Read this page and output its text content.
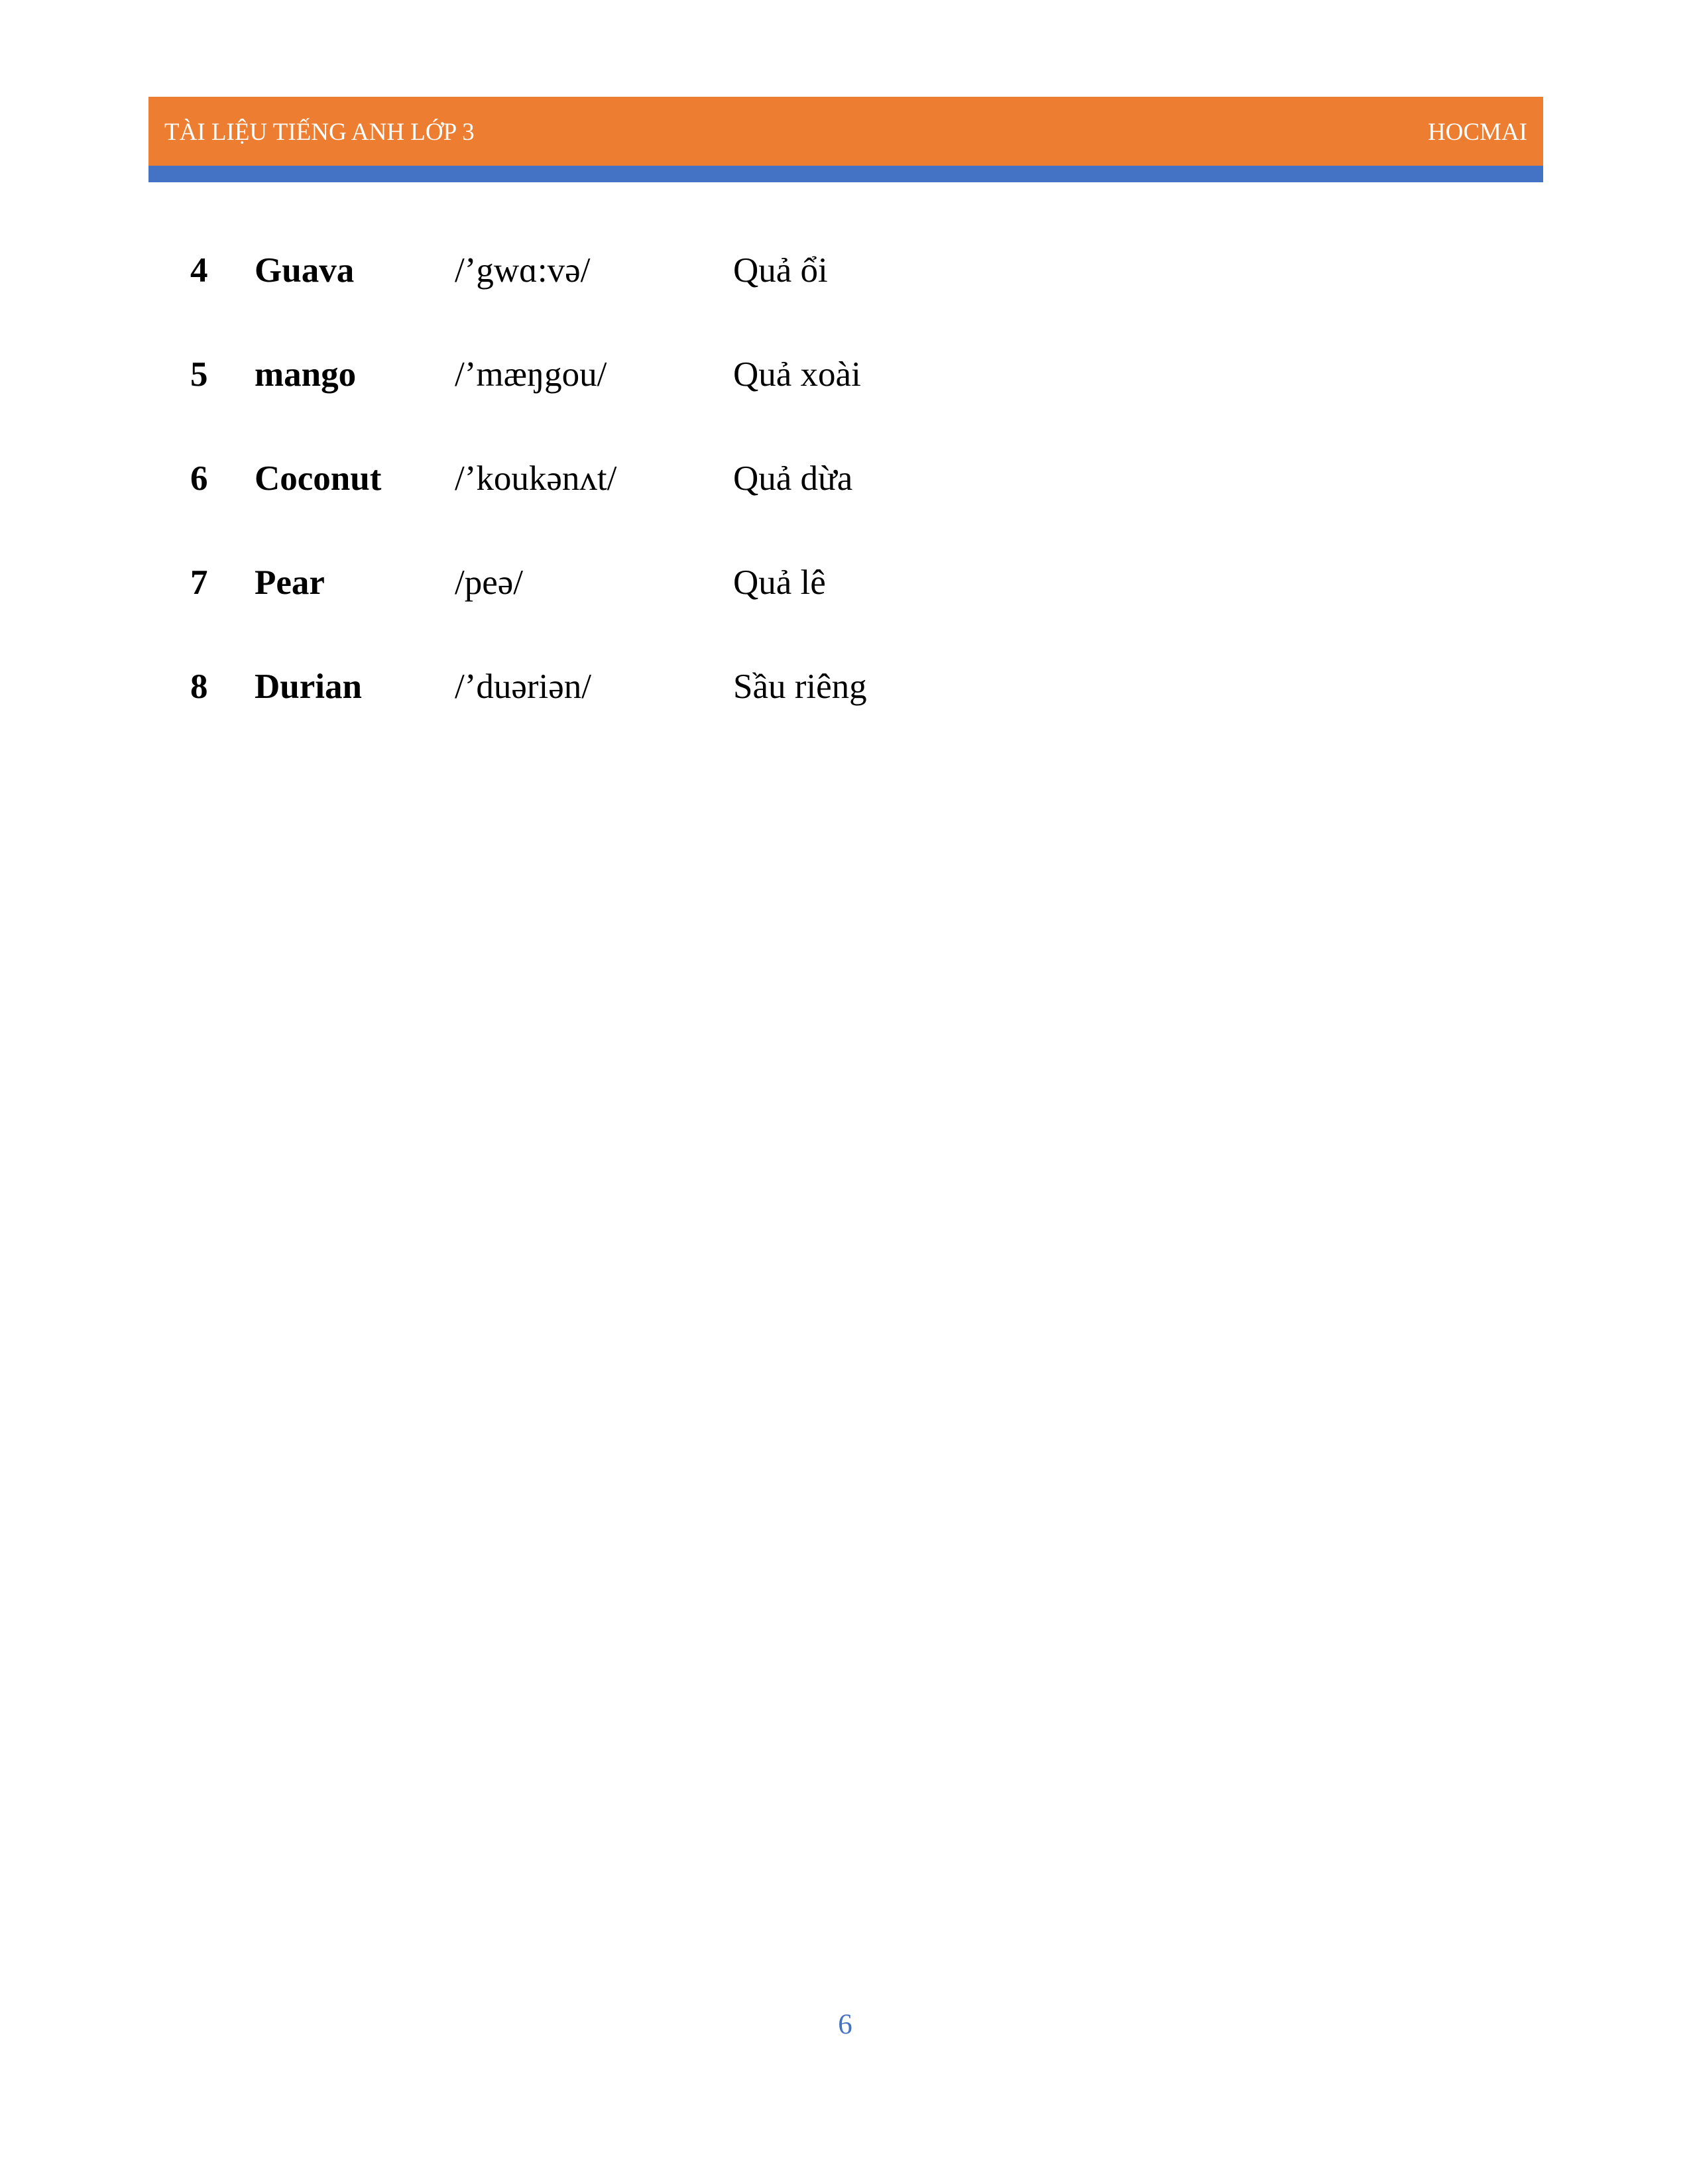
TÀI LIỆU TIẾNG ANH LỚP 3	HOCMAI
4 Guava	/’gwɑ:və/	Quả ổi
5 mango	/’mæŋgou/	Quả xoài
6 Coconut /’koukənʌt/	Quả dừa
7 Pear	/peə/	Quả lê
8 Durian	/’duəriən/	Sầu riêng
6
